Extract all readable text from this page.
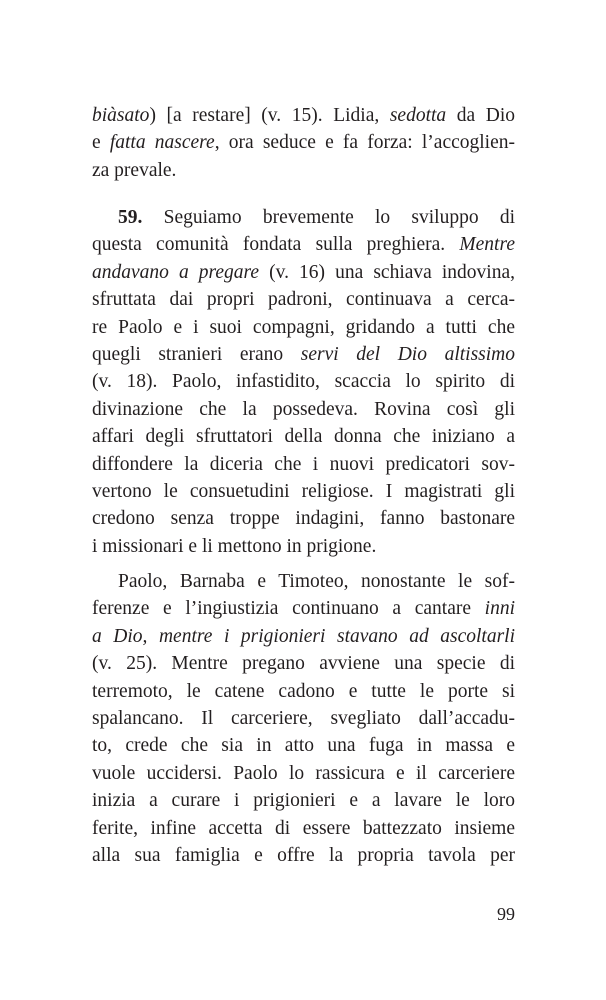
biàsato) [a restare] (v. 15). Lidia, sedotta da Dio
e fatta nascere, ora seduce e fa forza: l’accoglien-
za prevale.
59. Seguiamo brevemente lo sviluppo di
questa comunità fondata sulla preghiera. Mentre
andavano a pregare (v. 16) una schiava indovina,
sfruttata dai propri padroni, continuava a cerca-
re Paolo e i suoi compagni, gridando a tutti che
quegli stranieri erano servi del Dio altissimo
(v. 18). Paolo, infastidito, scaccia lo spirito di
divinazione che la possedeva. Rovina così gli
affari degli sfruttatori della donna che iniziano a
diffondere la diceria che i nuovi predicatori sov-
vertono le consuetudini religiose. I magistrati gli
credono senza troppe indagini, fanno bastonare
i missionari e li mettono in prigione.
Paolo, Barnaba e Timoteo, nonostante le sof-
ferenze e l’ingiustizia continuano a cantare inni
a Dio, mentre i prigionieri stavano ad ascoltarli
(v. 25). Mentre pregano avviene una specie di
terremoto, le catene cadono e tutte le porte si
spalancano. Il carceriere, svegliato dall’accadu-
to, crede che sia in atto una fuga in massa e
vuole uccidersi. Paolo lo rassicura e il carceriere
inizia a curare i prigionieri e a lavare le loro
ferite, infine accetta di essere battezzato insieme
alla sua famiglia e offre la propria tavola per
99
